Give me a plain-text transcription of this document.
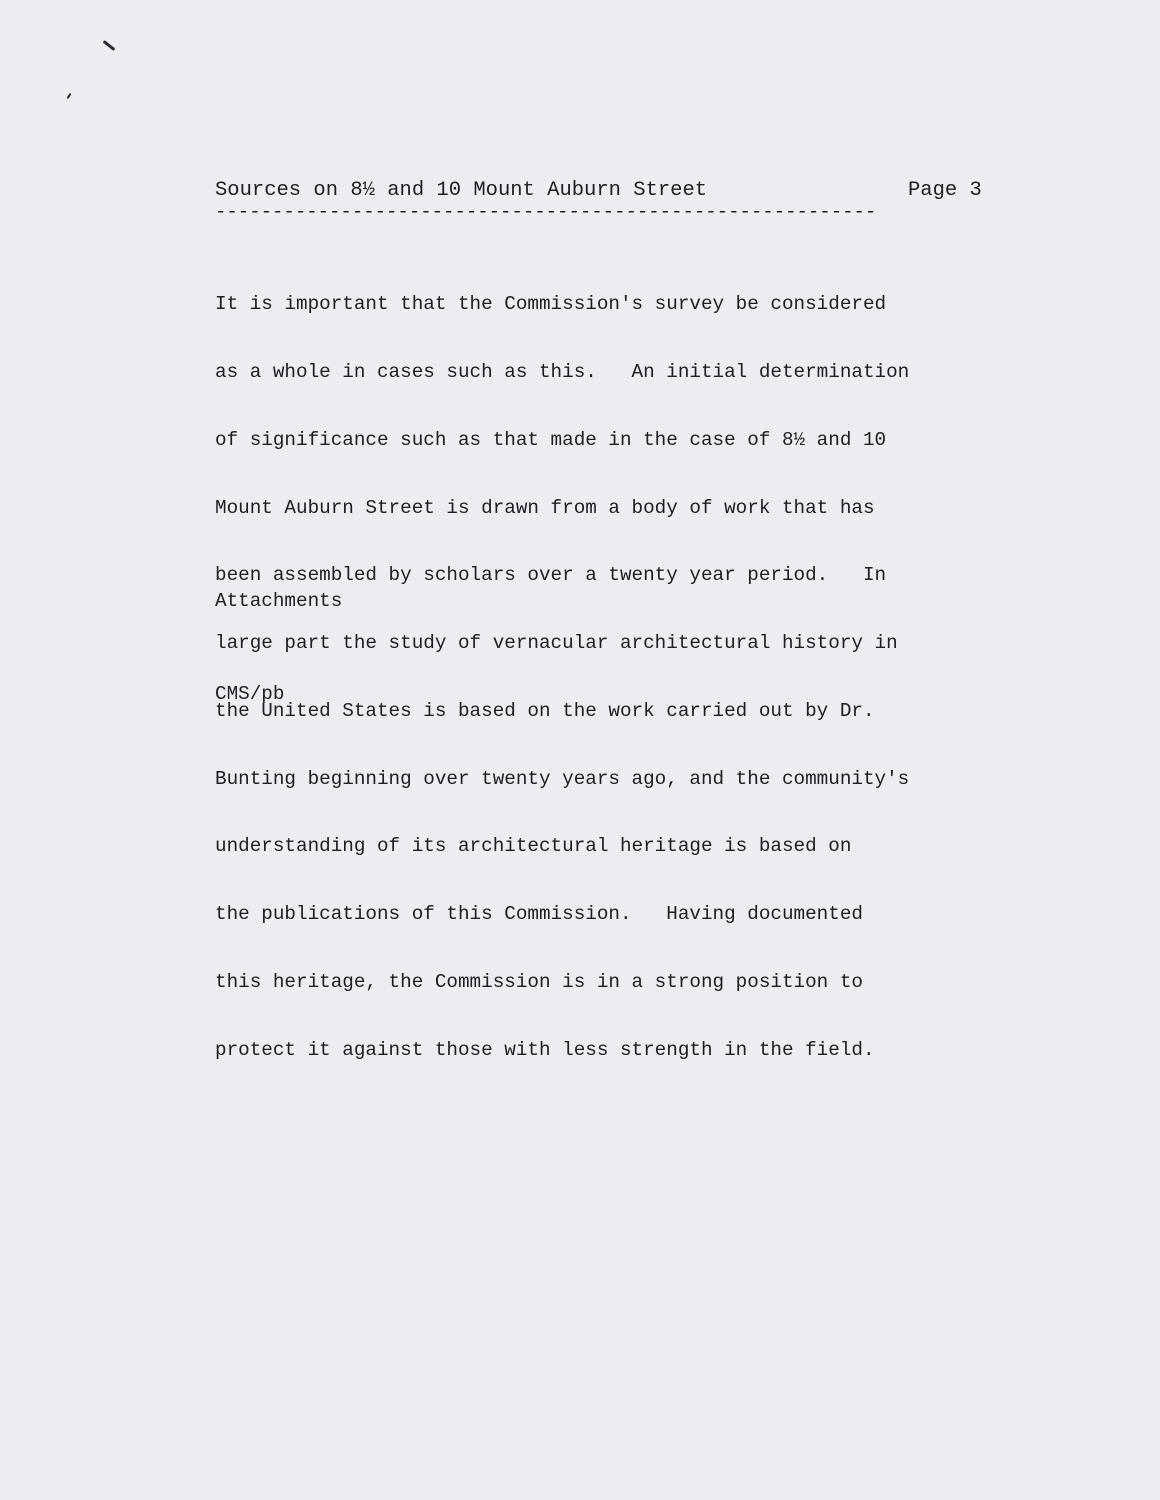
Sources on 8½ and 10 Mount Auburn Street

	Page 3

----------------------------------------------------------

It is important that the Commission's survey be considered

as a whole in cases such as this.   An initial determination

of significance such as that made in the case of 8½ and 10

Mount Auburn Street is drawn from a body of work that has

been assembled by scholars over a twenty year period.   In

large part the study of vernacular architectural history in

the United States is based on the work carried out by Dr.

Bunting beginning over twenty years ago, and the community's

understanding of its architectural heritage is based on

the publications of this Commission.   Having documented

this heritage, the Commission is in a strong position to

protect it against those with less strength in the field.

Attachments
CMS/pb
